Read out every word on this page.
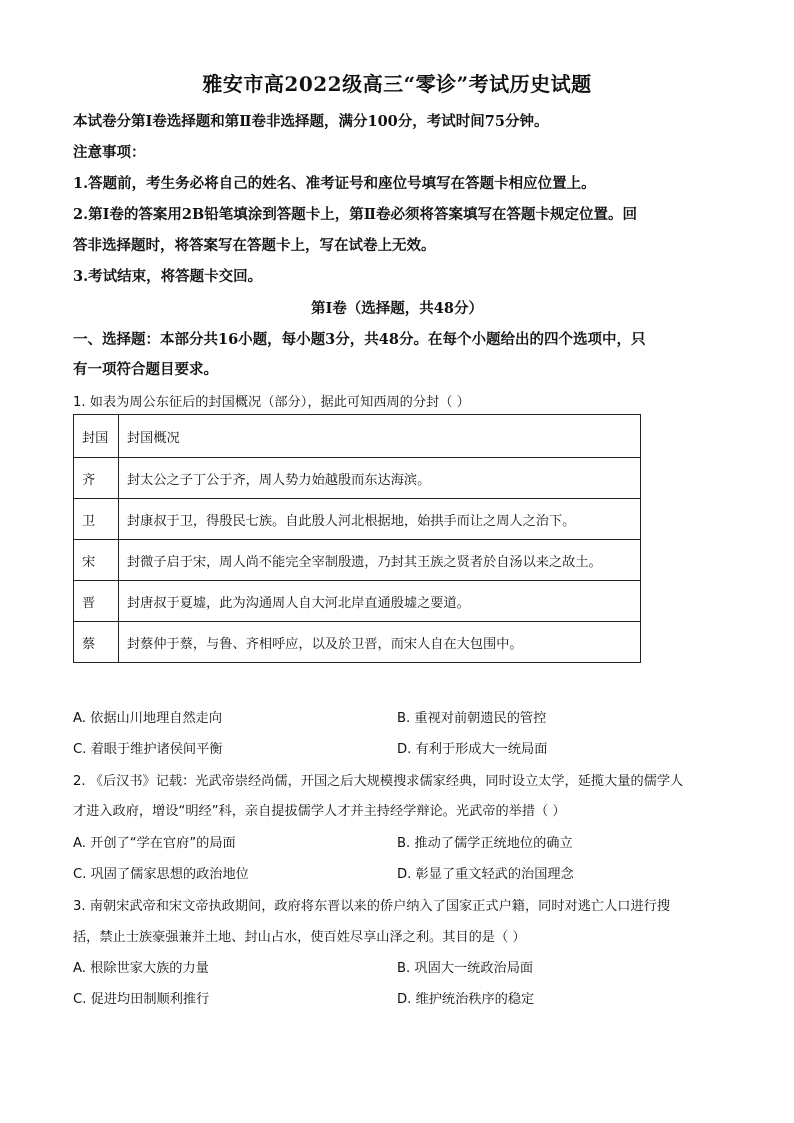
雅安市高2022级高三“零诊”考试历史试题
本试卷分第Ⅰ卷选择题和第Ⅱ卷非选择题，满分100分，考试时间75分钟。
注意事项：
1.答题前，考生务必将自己的姓名、准考证号和座位号填写在答题卡相应位置上。
2.第Ⅰ卷的答案用2B铅笔填涂到答题卡上，第Ⅱ卷必须将答案填写在答题卡规定位置。回
答非选择题时，将答案写在答题卡上，写在试卷上无效。
3.考试结束，将答题卡交回。
第Ⅰ卷（选择题，共48分）
一、选择题：本部分共16小题，每小题3分，共48分。在每个小题给出的四个选项中，只
有一项符合题目要求。
1. 如表为周公东征后的封国概况（部分），据此可知西周的分封（ ）
封国	封国概况
齐	封太公之子丁公于齐，周人势力始越殷而东达海滨。
卫	封康叔于卫，得殷民七族。自此殷人河北根据地，始拱手而让之周人之治下。
宋	封微子启于宋，周人尚不能完全宰制殷遗，乃封其王族之贤者於自汤以来之故土。
晋	封唐叔于夏墟，此为沟通周人自大河北岸直通殷墟之要道。
蔡	封蔡仲于蔡，与鲁、齐相呼应，以及於卫晋，而宋人自在大包围中。
A. 依据山川地理自然走向	B. 重视对前朝遗民的管控
C. 着眼于维护诸侯间平衡	D. 有利于形成大一统局面
2. 《后汉书》记载：光武帝崇经尚儒，开国之后大规模搜求儒家经典，同时设立太学，延揽大量的儒学人
才进入政府，增设“明经”科，亲自提拔儒学人才并主持经学辩论。光武帝的举措（ ）
A. 开创了“学在官府”的局面	B. 推动了儒学正统地位的确立
C. 巩固了儒家思想的政治地位	D. 彰显了重文轻武的治国理念
3. 南朝宋武帝和宋文帝执政期间，政府将东晋以来的侨户纳入了国家正式户籍，同时对逃亡人口进行搜
括，禁止士族豪强兼并土地、封山占水，使百姓尽享山泽之利。其目的是（ ）
A. 根除世家大族的力量	B. 巩固大一统政治局面
C. 促进均田制顺利推行	D. 维护统治秩序的稳定
